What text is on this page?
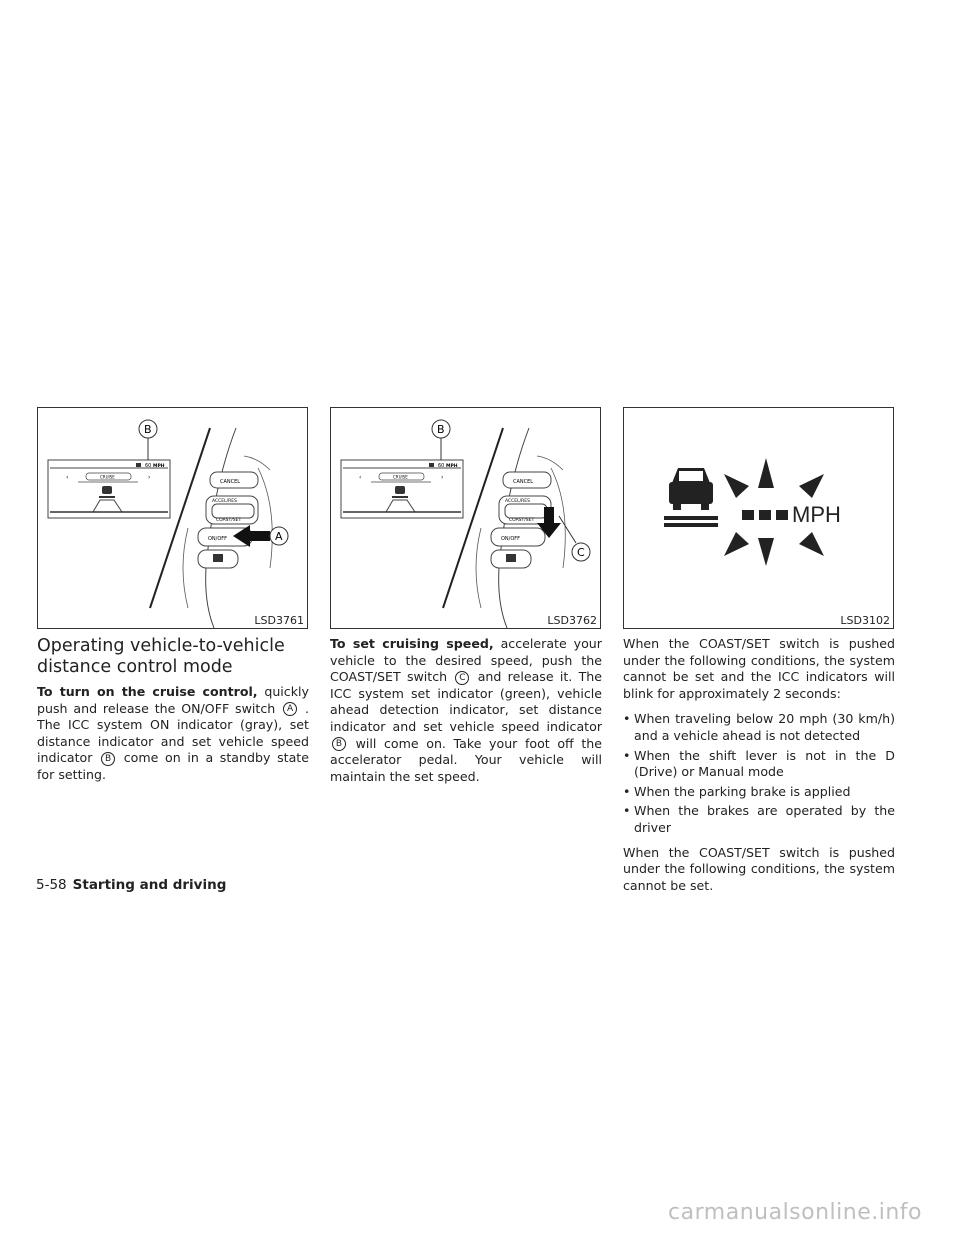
60 MPH
CRUISE
‹	›
B
CANCEL
ACCEL/RES
COAST/SET
ON/OFF	A
LSD3761
60 MPH
CRUISE
‹	›
B
CANCEL
ACCEL/RES
COAST/SET
ON/OFF
C
LSD3762
MPH
LSD3102
Operating vehicle-to-vehicle distance control mode

To turn on the cruise control, quickly push and release the ON/OFF switch A . The ICC system ON indicator (gray), set distance indicator and set vehicle speed indicator B come on in a standby state for setting.

To set cruising speed, accelerate your vehicle to the desired speed, push the COAST/SET switch C and release it. The ICC system set indicator (green), vehicle ahead detection indicator, set distance indicator and set vehicle speed indicator B will come on. Take your foot off the accelerator pedal. Your vehicle will maintain the set speed.

When the COAST/SET switch is pushed under the following conditions, the system cannot be set and the ICC indicators will blink for approximately 2 seconds:

• When traveling below 20 mph (30 km/h) and a vehicle ahead is not detected
• When the shift lever is not in the D (Drive) or Manual mode
• When the parking brake is applied
• When the brakes are operated by the driver

When the COAST/SET switch is pushed under the following conditions, the system cannot be set.

5-58 Starting and driving
carmanualsonline.info
